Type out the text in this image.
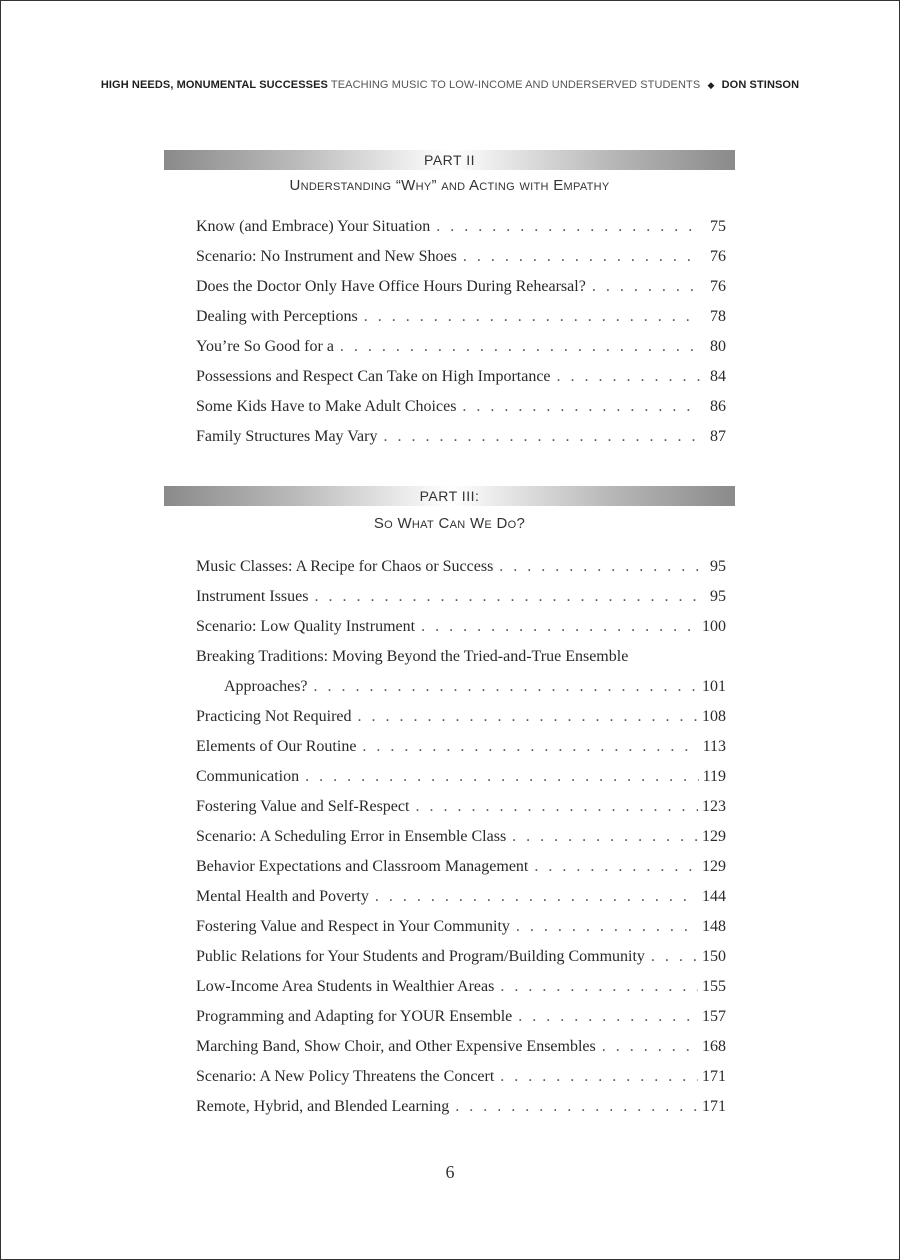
HIGH NEEDS, MONUMENTAL SUCCESSES TEACHING MUSIC TO LOW-INCOME AND UNDERSERVED STUDENTS ◆ DON STINSON
PART II
Understanding “Why” and Acting with Empathy
Know (and Embrace) Your Situation . . .	75
Scenario: No Instrument and New Shoes . . .	76
Does the Doctor Only Have Office Hours During Rehearsal? . . .	76
Dealing with Perceptions . . .	78
You’re So Good for a . . .	80
Possessions and Respect Can Take on High Importance . . .	84
Some Kids Have to Make Adult Choices . . .	86
Family Structures May Vary . . .	87
PART III:
So What Can We Do?
Music Classes: A Recipe for Chaos or Success . . .	95
Instrument Issues . . .	95
Scenario: Low Quality Instrument . . .	100
Breaking Traditions: Moving Beyond the Tried-and-True Ensemble
Approaches? . . .	101
Practicing Not Required . . .	108
Elements of Our Routine . . .	113
Communication . . .	119
Fostering Value and Self-Respect . . .	123
Scenario: A Scheduling Error in Ensemble Class . . .	129
Behavior Expectations and Classroom Management . . .	129
Mental Health and Poverty . . .	144
Fostering Value and Respect in Your Community . . .	148
Public Relations for Your Students and Program/Building Community . . .	150
Low-Income Area Students in Wealthier Areas . . .	155
Programming and Adapting for YOUR Ensemble . . .	157
Marching Band, Show Choir, and Other Expensive Ensembles . . .	168
Scenario: A New Policy Threatens the Concert . . .	171
Remote, Hybrid, and Blended Learning . . .	171
6
